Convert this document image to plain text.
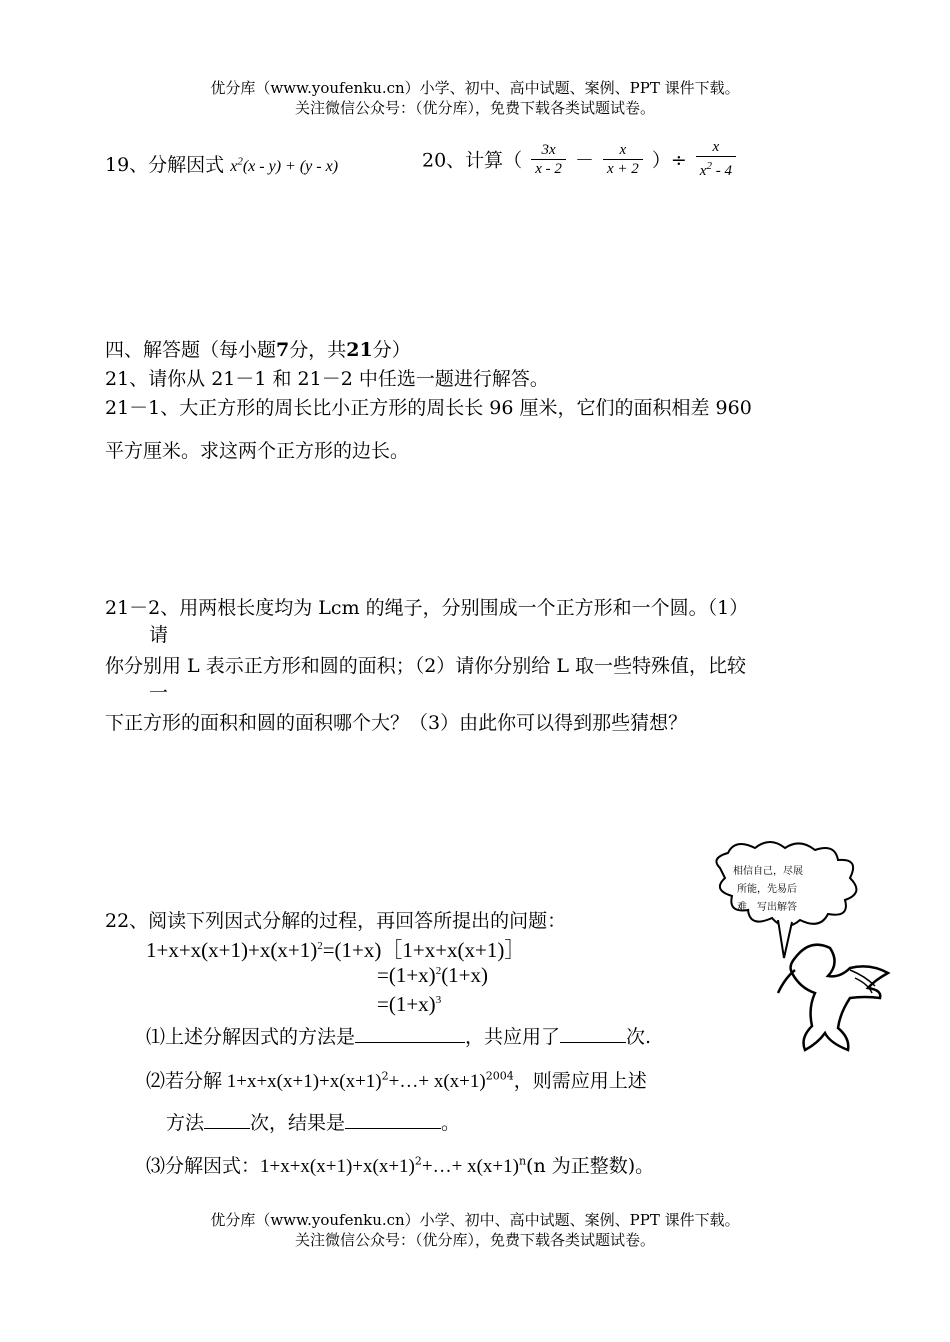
优分库（www.youfenku.cn）小学、初中、高中试题、案例、PPT 课件下载。
关注微信公众号：（优分库），免费下载各类试题试卷。
19、分解因式 $x^2(x - y) + (y - x)$	20、计算（ $\frac{3x}{x - 2} - \frac{x}{x + 2}$ ）÷ $\frac{x}{x^2 - 4}$
四、解答题（每小题7分，共21分）
21、请你从 21－1 和 21－2 中任选一题进行解答。
21－1、大正方形的周长比小正方形的周长长 96 厘米，它们的面积相差 960
平方厘米。求这两个正方形的边长。
21－2、用两根长度均为 Lcm 的绳子，分别围成一个正方形和一个圆。（1）
请
你分别用 L 表示正方形和圆的面积；（2）请你分别给 L 取一些特殊值，比较
一
下正方形的面积和圆的面积哪个大？（3）由此你可以得到那些猜想？
相信自己，尽展
所能，先易后
难，写出解答
22、阅读下列因式分解的过程，再回答所提出的问题：
$1+x+x(x+1)+x(x+1)^2=(1+x)[1+x+x(x+1)]$
$=(1+x)^2(1+x)$
$=(1+x)^3$
⑴上述分解因式的方法是	，共应用了	次.
⑵若分解 $1+x+x(x+1)+x(x+1)^2+\dots+ x(x+1)^{2004}$，则需应用上述
方法 次，结果是	。
⑶分解因式：$1+x+x(x+1)+x(x+1)^2+\dots+ x(x+1)^n(n$ 为正整数)。
优分库（www.youfenku.cn）小学、初中、高中试题、案例、PPT 课件下载。
关注微信公众号：（优分库），免费下载各类试题试卷。
